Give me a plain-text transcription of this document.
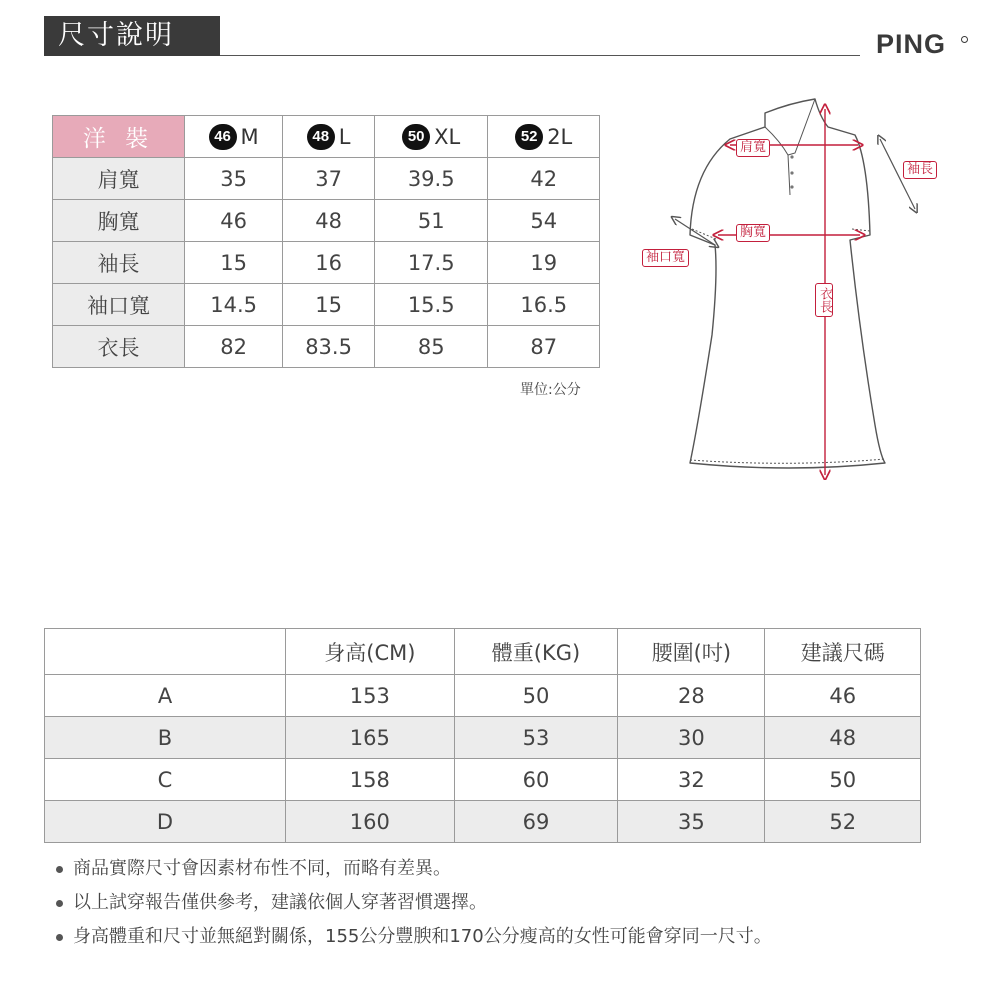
尺寸說明	PING
洋 裝	46 M	48 L	50 XL	52 2L
肩寬	35	37	39.5	42
胸寬	46	48	51	54
袖長	15	16	17.5	19
袖口寬	14.5	15	15.5	16.5
衣長	82	83.5	85	87
單位:公分
肩寬
袖長
胸寬
袖口寬
衣長
尺寸試穿建議	身高(CM)	體重(KG)	腰圍(吋)	建議尺碼
A	153	50	28	46
B	165	53	30	48
C	158	60	32	50
D	160	69	35	52
商品實際尺寸會因素材布性不同，而略有差異。
以上試穿報告僅供參考，建議依個人穿著習慣選擇。
身高體重和尺寸並無絕對關係，155公分豐腴和170公分瘦高的女性可能會穿同一尺寸。
